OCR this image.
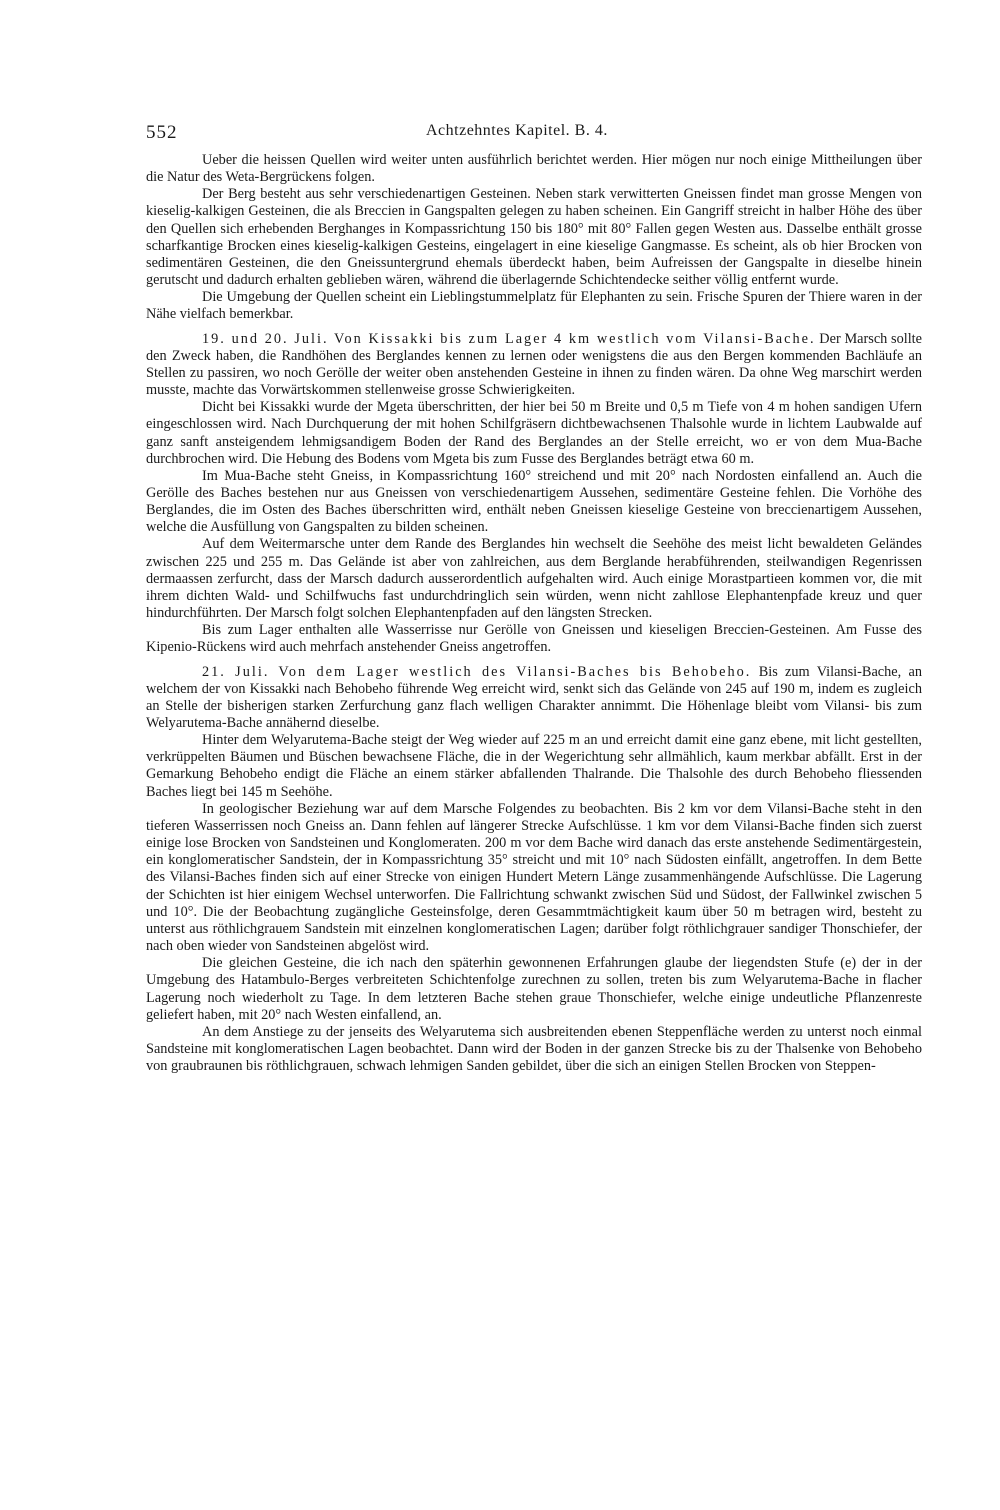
552	Achtzehntes Kapitel. B. 4.

Ueber die heissen Quellen wird weiter unten ausführlich berichtet werden. Hier mögen nur noch einige Mittheilungen über die Natur des Weta-Bergrückens folgen.

Der Berg besteht aus sehr verschiedenartigen Gesteinen. Neben stark verwitterten Gneissen findet man grosse Mengen von kieselig-kalkigen Gesteinen, die als Breccien in Gangspalten gelegen zu haben scheinen. Ein Gangriff streicht in halber Höhe des über den Quellen sich erhebenden Berghanges in Kompassrichtung 150 bis 180° mit 80° Fallen gegen Westen aus. Dasselbe enthält grosse scharfkantige Brocken eines kieselig-kalkigen Gesteins, eingelagert in eine kieselige Gangmasse. Es scheint, als ob hier Brocken von sedimentären Gesteinen, die den Gneissuntergrund ehemals überdeckt haben, beim Aufreissen der Gangspalte in dieselbe hinein gerutscht und dadurch erhalten geblieben wären, während die überlagernde Schichtendecke seither völlig entfernt wurde.

Die Umgebung der Quellen scheint ein Lieblingstummelplatz für Elephanten zu sein. Frische Spuren der Thiere waren in der Nähe vielfach bemerkbar.

19. und 20. Juli. Von Kissakki bis zum Lager 4 km westlich vom Vilansi-Bache. Der Marsch sollte den Zweck haben, die Randhöhen des Berglandes kennen zu lernen oder wenigstens die aus den Bergen kommenden Bachläufe an Stellen zu passiren, wo noch Gerölle der weiter oben anstehenden Gesteine in ihnen zu finden wären. Da ohne Weg marschirt werden musste, machte das Vorwärtskommen stellenweise grosse Schwierigkeiten.

Dicht bei Kissakki wurde der Mgeta überschritten, der hier bei 50 m Breite und 0,5 m Tiefe von 4 m hohen sandigen Ufern eingeschlossen wird. Nach Durchquerung der mit hohen Schilfgräsern dichtbewachsenen Thalsohle wurde in lichtem Laubwalde auf ganz sanft ansteigendem lehmigsandigem Boden der Rand des Berglandes an der Stelle erreicht, wo er von dem Mua-Bache durchbrochen wird. Die Hebung des Bodens vom Mgeta bis zum Fusse des Berglandes beträgt etwa 60 m.

Im Mua-Bache steht Gneiss, in Kompassrichtung 160° streichend und mit 20° nach Nordosten einfallend an. Auch die Gerölle des Baches bestehen nur aus Gneissen von verschiedenartigem Aussehen, sedimentäre Gesteine fehlen. Die Vorhöhe des Berglandes, die im Osten des Baches überschritten wird, enthält neben Gneissen kieselige Gesteine von breccienartigem Aussehen, welche die Ausfüllung von Gangspalten zu bilden scheinen.

Auf dem Weitermarsche unter dem Rande des Berglandes hin wechselt die Seehöhe des meist licht bewaldeten Geländes zwischen 225 und 255 m. Das Gelände ist aber von zahlreichen, aus dem Berglande herabführenden, steilwandigen Regenrissen dermaassen zerfurcht, dass der Marsch dadurch ausserordentlich aufgehalten wird. Auch einige Morastpartieen kommen vor, die mit ihrem dichten Wald- und Schilfwuchs fast undurchdringlich sein würden, wenn nicht zahllose Elephantenpfade kreuz und quer hindurchführten. Der Marsch folgt solchen Elephantenpfaden auf den längsten Strecken.

Bis zum Lager enthalten alle Wasserrisse nur Gerölle von Gneissen und kieseligen Breccien-Gesteinen. Am Fusse des Kipenio-Rückens wird auch mehrfach anstehender Gneiss angetroffen.

21. Juli. Von dem Lager westlich des Vilansi-Baches bis Behobeho. Bis zum Vilansi-Bache, an welchem der von Kissakki nach Behobeho führende Weg erreicht wird, senkt sich das Gelände von 245 auf 190 m, indem es zugleich an Stelle der bisherigen starken Zerfurchung ganz flach welligen Charakter annimmt. Die Höhenlage bleibt vom Vilansi- bis zum Welyarutema-Bache annähernd dieselbe.

Hinter dem Welyarutema-Bache steigt der Weg wieder auf 225 m an und erreicht damit eine ganz ebene, mit licht gestellten, verkrüppelten Bäumen und Büschen bewachsene Fläche, die in der Wegerichtung sehr allmählich, kaum merkbar abfällt. Erst in der Gemarkung Behobeho endigt die Fläche an einem stärker abfallenden Thalrande. Die Thalsohle des durch Behobeho fliessenden Baches liegt bei 145 m Seehöhe.

In geologischer Beziehung war auf dem Marsche Folgendes zu beobachten. Bis 2 km vor dem Vilansi-Bache steht in den tieferen Wasserrissen noch Gneiss an. Dann fehlen auf längerer Strecke Aufschlüsse. 1 km vor dem Vilansi-Bache finden sich zuerst einige lose Brocken von Sandsteinen und Konglomeraten. 200 m vor dem Bache wird danach das erste anstehende Sedimentärgestein, ein konglomeratischer Sandstein, der in Kompassrichtung 35° streicht und mit 10° nach Südosten einfällt, angetroffen. In dem Bette des Vilansi-Baches finden sich auf einer Strecke von einigen Hundert Metern Länge zusammenhängende Aufschlüsse. Die Lagerung der Schichten ist hier einigem Wechsel unterworfen. Die Fallrichtung schwankt zwischen Süd und Südost, der Fallwinkel zwischen 5 und 10°. Die der Beobachtung zugängliche Gesteinsfolge, deren Gesammtmächtigkeit kaum über 50 m betragen wird, besteht zu unterst aus röthlichgrauem Sandstein mit einzelnen konglomeratischen Lagen; darüber folgt röthlichgrauer sandiger Thonschiefer, der nach oben wieder von Sandsteinen abgelöst wird.

Die gleichen Gesteine, die ich nach den späterhin gewonnenen Erfahrungen glaube der liegendsten Stufe (e) der in der Umgebung des Hatambulo-Berges verbreiteten Schichtenfolge zurechnen zu sollen, treten bis zum Welyarutema-Bache in flacher Lagerung noch wiederholt zu Tage. In dem letzteren Bache stehen graue Thonschiefer, welche einige undeutliche Pflanzenreste geliefert haben, mit 20° nach Westen einfallend, an.

An dem Anstiege zu der jenseits des Welyarutema sich ausbreitenden ebenen Steppenfläche werden zu unterst noch einmal Sandsteine mit konglomeratischen Lagen beobachtet. Dann wird der Boden in der ganzen Strecke bis zu der Thalsenke von Behobeho von graubraunen bis röthlichgrauen, schwach lehmigen Sanden gebildet, über die sich an einigen Stellen Brocken von Steppen-
